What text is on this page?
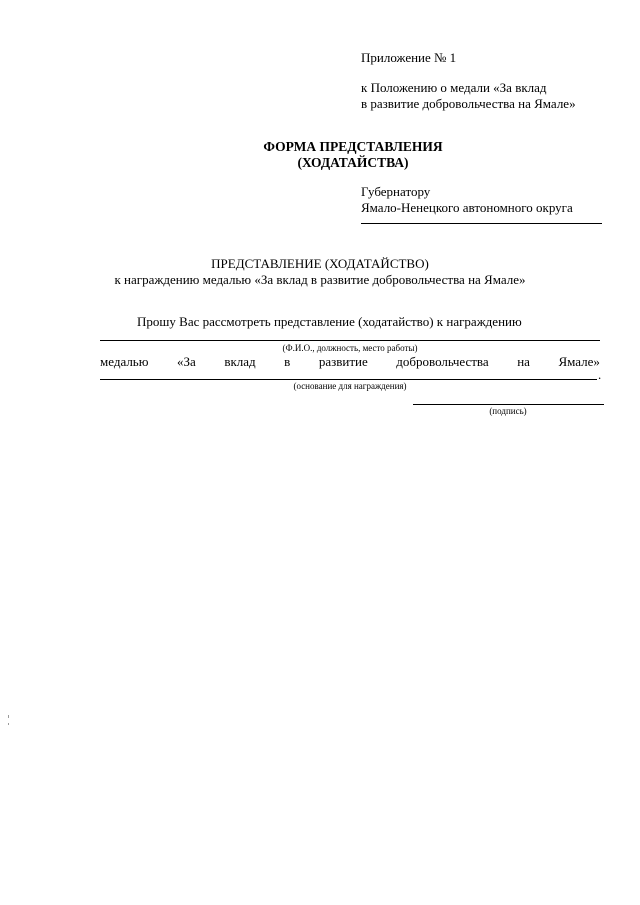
Приложение № 1
к Положению о медали «За вклад
в развитие добровольчества на Ямале»
ФОРМА ПРЕДСТАВЛЕНИЯ
(ХОДАТАЙСТВА)
Губернатору
Ямало-Ненецкого автономного округа
ПРЕДСТАВЛЕНИЕ (ХОДАТАЙСТВО)
к награждению медалью «За вклад в развитие добровольчества на Ямале»
Прошу Вас рассмотреть представление (ходатайство) к награждению
(Ф.И.О., должность, место работы)
медалью «За вклад в развитие добровольчества на Ямале»
.
(основание для награждения)
(подпись)
